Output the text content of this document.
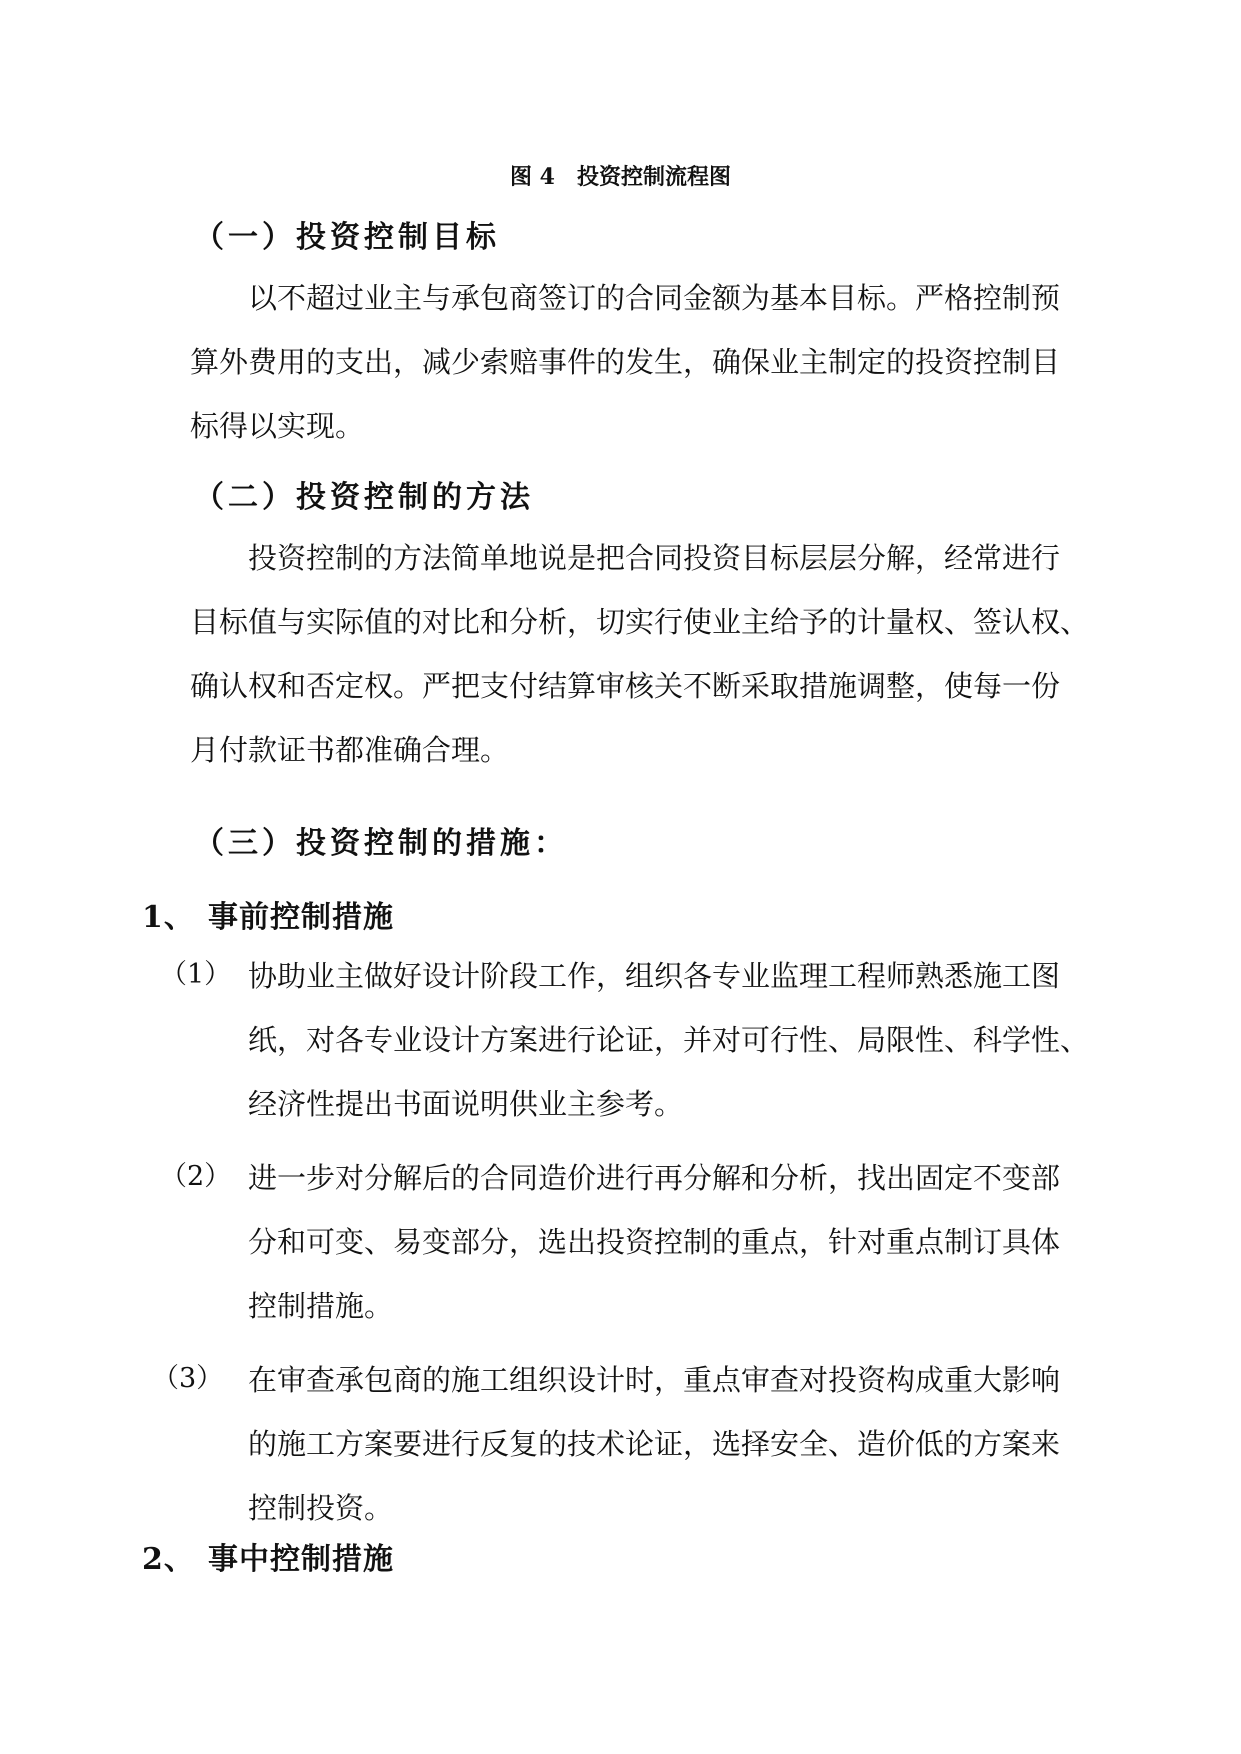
图 4　投资控制流程图
（一）投资控制目标
以不超过业主与承包商签订的合同金额为基本目标。严格控制预
算外费用的支出，减少索赔事件的发生，确保业主制定的投资控制目
标得以实现。
（二）投资控制的方法
投资控制的方法简单地说是把合同投资目标层层分解，经常进行
目标值与实际值的对比和分析，切实行使业主给予的计量权、签认权、
确认权和否定权。严把支付结算审核关不断采取措施调整，使每一份
月付款证书都准确合理。
（三）投资控制的措施：
1、 事前控制措施
（1） 协助业主做好设计阶段工作，组织各专业监理工程师熟悉施工图
纸，对各专业设计方案进行论证，并对可行性、局限性、科学性、
经济性提出书面说明供业主参考。
（2） 进一步对分解后的合同造价进行再分解和分析，找出固定不变部
分和可变、易变部分，选出投资控制的重点，针对重点制订具体
控制措施。
（3） 在审查承包商的施工组织设计时，重点审查对投资构成重大影响
的施工方案要进行反复的技术论证，选择安全、造价低的方案来
控制投资。
2、 事中控制措施
